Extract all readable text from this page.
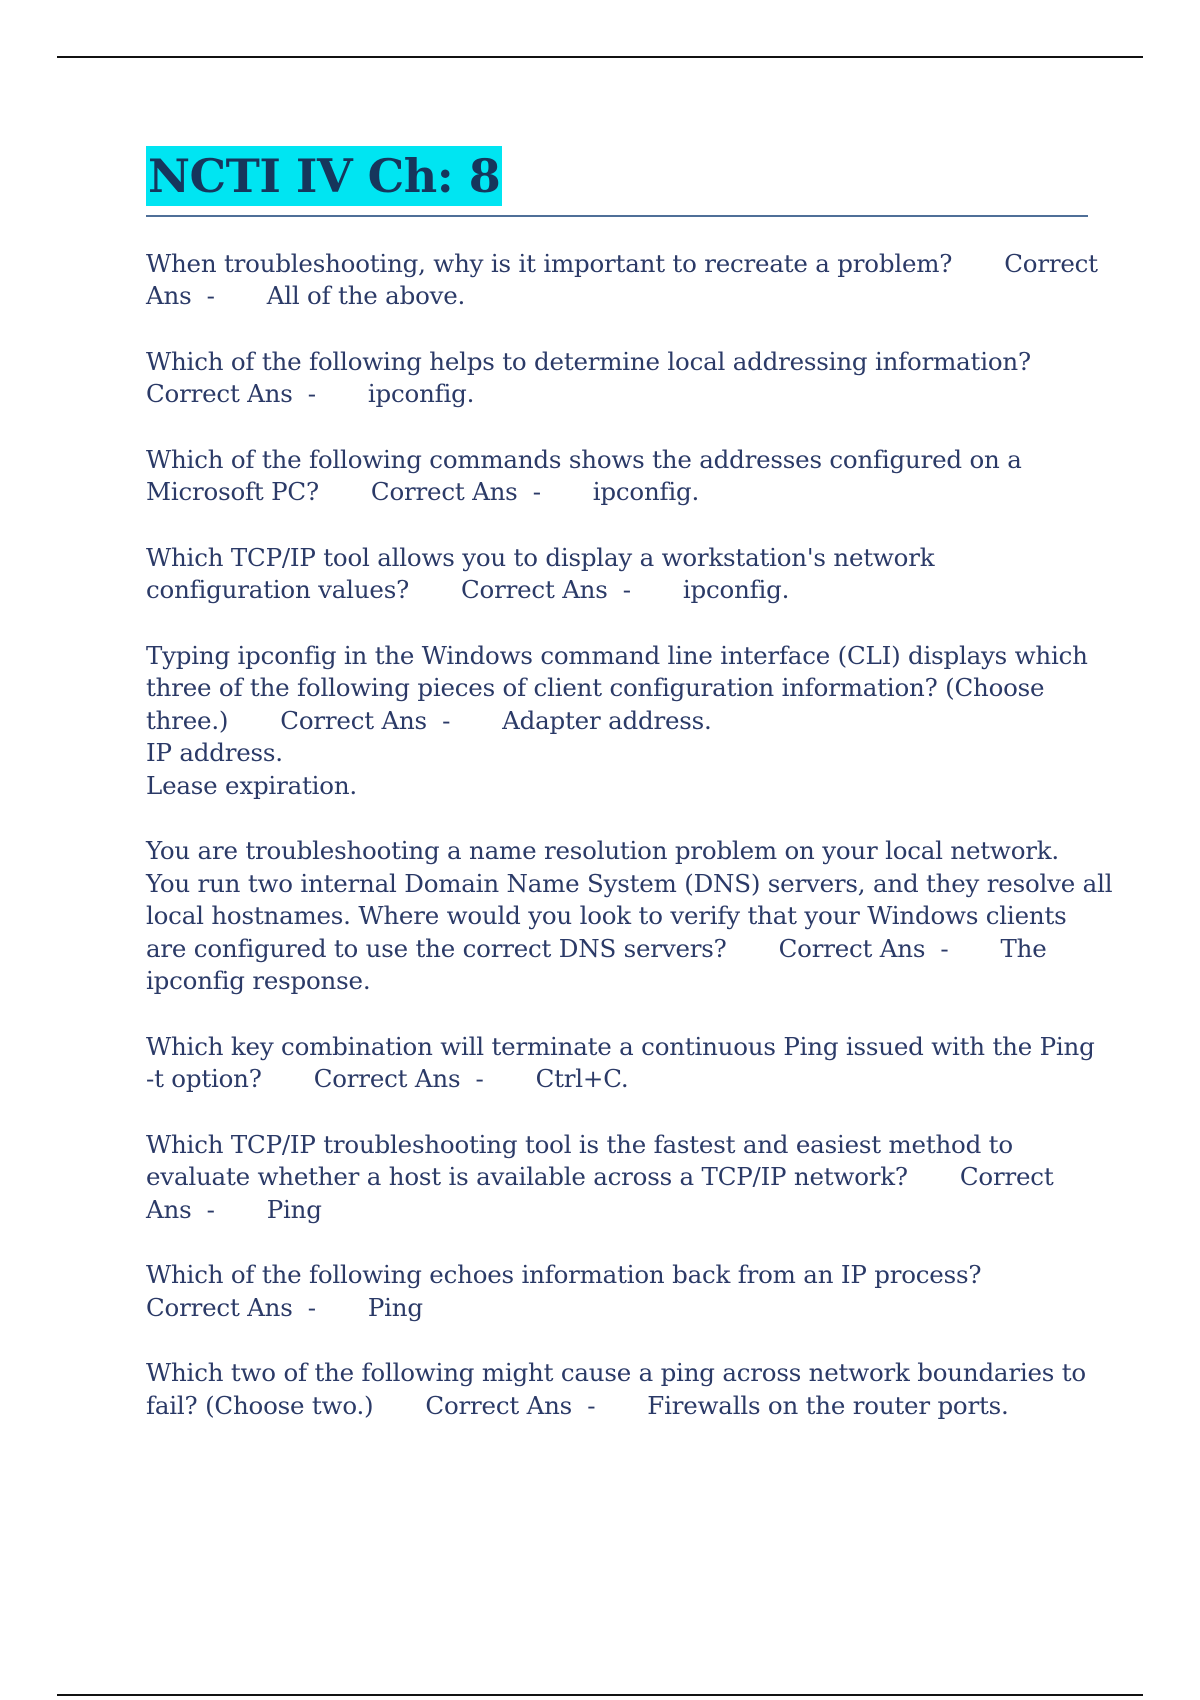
NCTI IV Ch: 8
When troubleshooting, why is it important to recreate a problem? Correct
Ans  - All of the above.
Which of the following helps to determine local addressing information?
Correct Ans  - ipconfig.
Which of the following commands shows the addresses configured on a
Microsoft PC? Correct Ans  - ipconfig.
Which TCP/IP tool allows you to display a workstation's network
configuration values? Correct Ans  - ipconfig.
Typing ipconfig in the Windows command line interface (CLI) displays which
three of the following pieces of client configuration information? (Choose
three.) Correct Ans  - Adapter address.
IP address.
Lease expiration.
You are troubleshooting a name resolution problem on your local network.
You run two internal Domain Name System (DNS) servers, and they resolve all
local hostnames. Where would you look to verify that your Windows clients
are configured to use the correct DNS servers? Correct Ans  - The
ipconfig response.
Which key combination will terminate a continuous Ping issued with the Ping
-t option? Correct Ans  - Ctrl+C.
Which TCP/IP troubleshooting tool is the fastest and easiest method to
evaluate whether a host is available across a TCP/IP network? Correct
Ans  - Ping
Which of the following echoes information back from an IP process?
Correct Ans  - Ping
Which two of the following might cause a ping across network boundaries to
fail? (Choose two.) Correct Ans  - Firewalls on the router ports.
